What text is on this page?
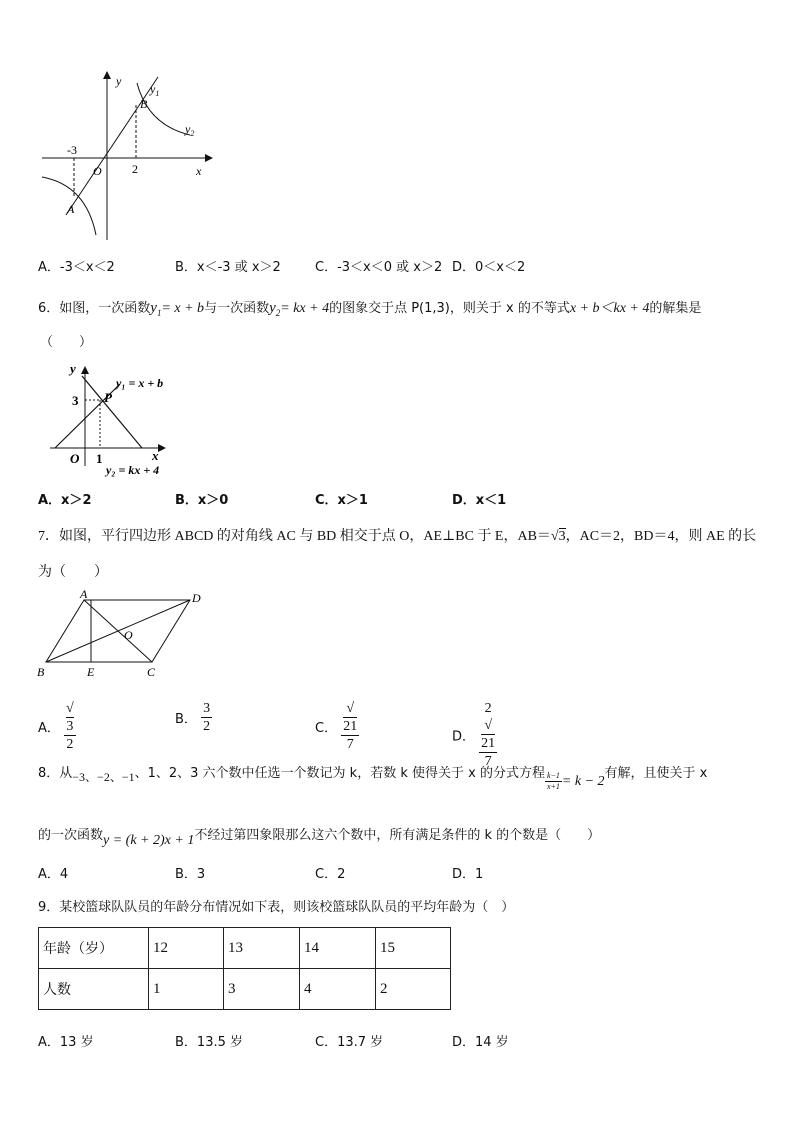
y
x
$y_1$
$y_2$
B
A
O
-3
2
A．-3＜x＜2	B．x＜-3 或 x＞2	C．-3＜x＜0 或 x＞2 D．0＜x＜2
6．如图，一次函数$y_1= x + b$与一次函数$y_2=$ kx + 4的图象交于点 P(1,3)，则关于 x 的不等式x + b＜kx + 4的解集是
（　　）
y
x
3 P
O 1
y₁ = x + b
y₂ = kx + 4
A．x＞2	B．x＞0	C．x＞1	D．x＜1
7．如图，平行四边形 ABCD 的对角线 AC 与 BD 相交于点 O，AE⊥BC 于 E，AB＝√3，AC＝2，BD＝4，则 AE 的长
为（　　）
A	D
B	E	C
O
A． √
3
2	B． $\frac{3}{2}$	C． √
21
7	D． 2
√
21
7
8．从−3、−2、−1、1、2、3 六个数中任选一个数记为 k，若数 k 使得关于 x 的分式方程 $\frac{k-1}{x+1} = k - 2$有解，且使关于 x
的一次函数y = (k + 2)x + 1不经过第四象限那么这六个数中，所有满足条件的 k 的个数是（　　）
A．4	B．3	C．2	D．1
9．某校篮球队队员的年龄分布情况如下表，则该校篮球队队员的平均年龄为（　）
年龄（岁）	12	13	14	15
人数	1	3	4	2
A．13 岁	B．13.5 岁	C．13.7 岁	D．14 岁
